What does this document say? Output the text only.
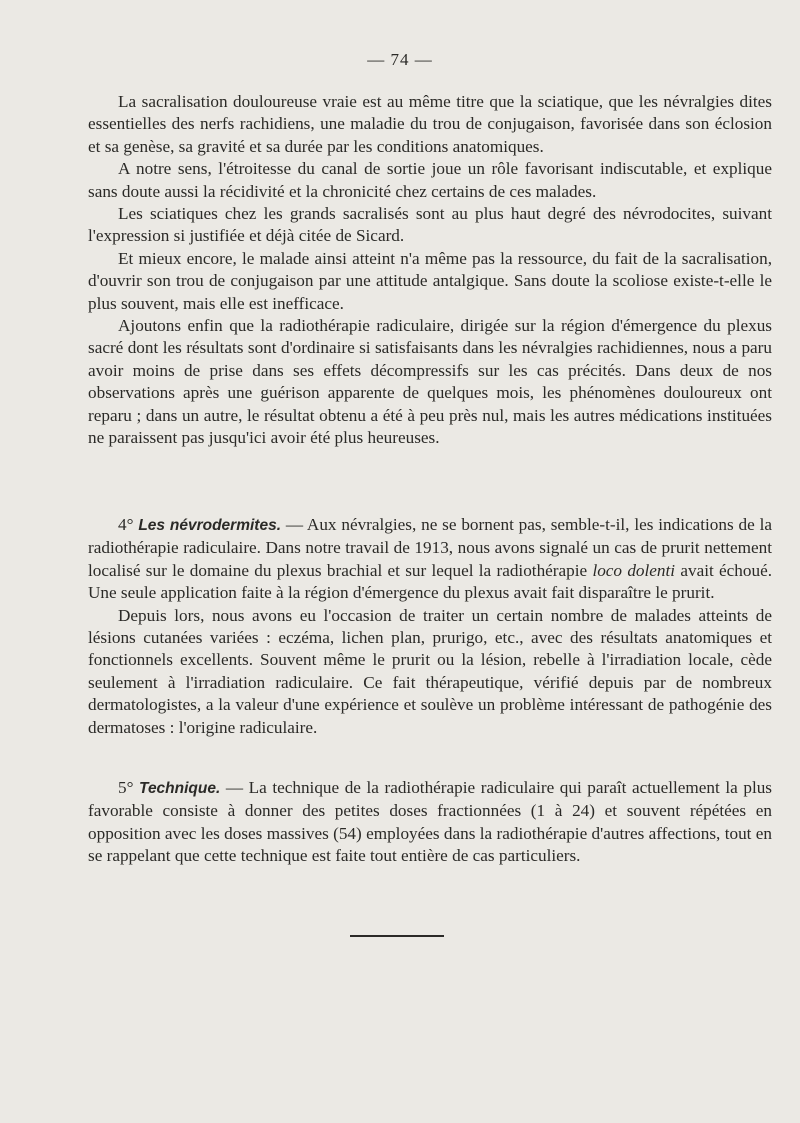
— 74 —

La sacralisation douloureuse vraie est au même titre que la sciatique, que les névralgies dites essentielles des nerfs rachidiens, une maladie du trou de conjugaison, favorisée dans son éclosion et sa genèse, sa gravité et sa durée par les conditions anatomiques.

A notre sens, l'étroitesse du canal de sortie joue un rôle favorisant indiscutable, et explique sans doute aussi la récidivité et la chronicité chez certains de ces malades.

Les sciatiques chez les grands sacralisés sont au plus haut degré des névrodocites, suivant l'expression si justifiée et déjà citée de Sicard.

Et mieux encore, le malade ainsi atteint n'a même pas la ressource, du fait de la sacralisation, d'ouvrir son trou de conjugaison par une attitude antalgique. Sans doute la scoliose existe-t-elle le plus souvent, mais elle est inefficace.

Ajoutons enfin que la radiothérapie radiculaire, dirigée sur la région d'émergence du plexus sacré dont les résultats sont d'ordinaire si satisfaisants dans les névralgies rachidiennes, nous a paru avoir moins de prise dans ses effets décompressifs sur les cas précités. Dans deux de nos observations après une guérison apparente de quelques mois, les phénomènes douloureux ont reparu ; dans un autre, le résultat obtenu a été à peu près nul, mais les autres médications instituées ne paraissent pas jusqu'ici avoir été plus heureuses.

4° Les névrodermites. — Aux névralgies, ne se bornent pas, semble-t-il, les indications de la radiothérapie radiculaire. Dans notre travail de 1913, nous avons signalé un cas de prurit nettement localisé sur le domaine du plexus brachial et sur lequel la radiothérapie loco dolenti avait échoué. Une seule application faite à la région d'émergence du plexus avait fait disparaître le prurit.

Depuis lors, nous avons eu l'occasion de traiter un certain nombre de malades atteints de lésions cutanées variées : eczéma, lichen plan, prurigo, etc., avec des résultats anatomiques et fonctionnels excellents. Souvent même le prurit ou la lésion, rebelle à l'irradiation locale, cède seulement à l'irradiation radiculaire. Ce fait thérapeutique, vérifié depuis par de nombreux dermatologistes, a la valeur d'une expérience et soulève un problème intéressant de pathogénie des dermatoses : l'origine radiculaire.

5° Technique. — La technique de la radiothérapie radiculaire qui paraît actuellement la plus favorable consiste à donner des petites doses fractionnées (1 à 24) et souvent répétées en opposition avec les doses massives (54) employées dans la radiothérapie d'autres affections, tout en se rappelant que cette technique est faite tout entière de cas particuliers.
